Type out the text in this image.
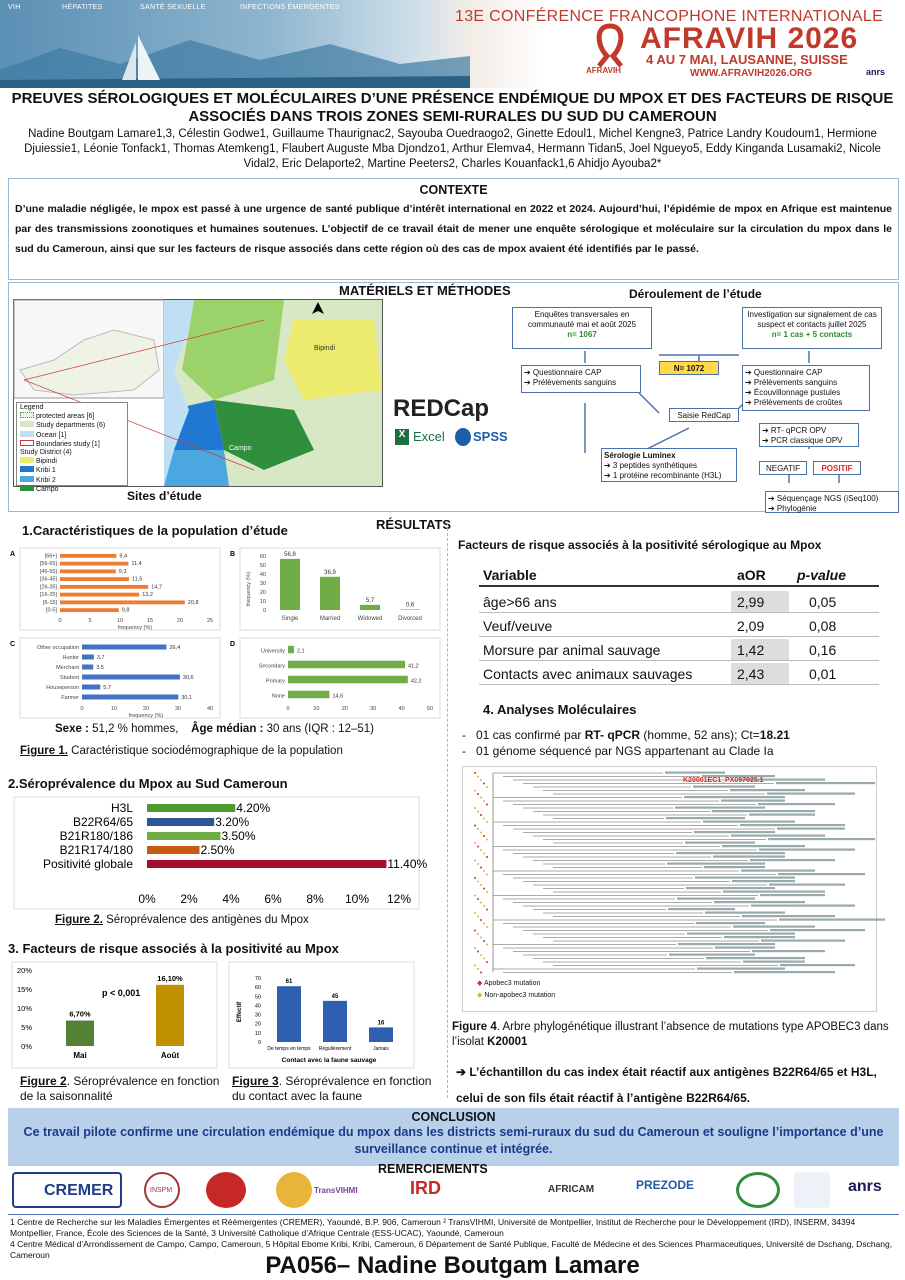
VIH	HÉPATITES	SANTÉ SEXUELLE	INFECTIONS ÉMERGENTES
13E CONFÉRENCE FRANCOPHONE INTERNATIONALE
AFRAVIH
AFRAVIH 2026
4 AU 7 MAI, LAUSANNE, SUISSE
WWW.AFRAVIH2026.ORG	anrs
PREUVES SÉROLOGIQUES ET MOLÉCULAIRES D’UNE PRÉSENCE ENDÉMIQUE DU MPOX ET DES FACTEURS DE RISQUE ASSOCIÉS DANS TROIS ZONES SEMI-RURALES DU SUD DU CAMEROUN
Nadine Boutgam Lamare1,3, Célestin Godwe1, Guillaume Thaurignac2, Sayouba Ouedraogo2, Ginette Edoul1, Michel Kengne3, Patrice Landry Koudoum1, Hermione Djuiessie1, Léonie Tonfack1, Thomas Atemkeng1, Flaubert Auguste Mba Djondzo1, Arthur Elemva4, Hermann Tidan5, Joel Ngueyo5, Eddy Kinganda Lusamaki2, Nicole Vidal2, Eric Delaporte2, Martine Peeters2, Charles Kouanfack1,6 Ahidjo Ayouba2*
CONTEXTE
D’une maladie négligée, le mpox est passé à une urgence de santé publique d’intérêt international en 2022 et 2024. Aujourd’hui, l’épidémie de mpox en Afrique est maintenue par des transmissions zoonotiques et humaines soutenues. L’objectif de ce travail était de mener une enquête sérologique et moléculaire sur la circulation du mpox dans le sud du Cameroun, ainsi que sur les facteurs de risque associés dans cette région où des cas de mpox avaient été identifiés par le passé.
MATÉRIELS ET MÉTHODES	Déroulement de l’étude
Bipindi
Campo
Legend
protected areas [6]
Study departments (6)
Ocean [1]
Boundaries study [1]
Study District (4)
Bipindi
Kribi 1
Kribi 2
Campo	Sites d’étude
REDCap
X Excel SPSS
Enquêtes transversales en communauté mai et août 2025
n= 1067
Investigation sur signalement de cas suspect et contacts juillet 2025
n= 1 cas + 5 contacts
N= 1072
➔ Questionnaire CAP
➔ Prélèvements sanguins
➔ Questionnaire CAP
➔ Prélèvements sanguins
➔ Écouvillonnage pustules
➔ Prélèvements de croûtes
Saisie RedCap
Sérologie Luminex
➔ 3 peptides synthétiques
➔ 1 protéine recombinante (H3L)
➔ RT- qPCR OPV
➔ PCR classique OPV
NEGATIF	POSITIF
➔ Séquençage NGS (iSeq100)
➔ Phylogénie
RÉSULTATS
1.Caractéristiques de la population d’étude
A	[66+]	9,4
[56-65]	11,4
[46-55]	9,3
[36-45]	11,5
[26-35]	14,7
[16-25]	13,2
[6-15]	20,8
[0-5]	9,8
0	5	10	15	20	25
frequency (%)
B
0
10
20
30
40
50
60
frequency (%)
56,8
Single
36,9
Married
5,7
Widowed
0,6
Divorced
C	Other occupation	26,4
Hunter	3,7
Merchant	3,5
Student	30,6
Houseperson	5,7
Farmer	30,1
0	10	20	30	40
frequency (%)
D
University 2,1
Secondary	41,2
Primary	42,2
None	14,6
0	10	20	30	40	50
Sexe : 51,2 % hommes, Âge médian : 30 ans (IQR : 12–51)
Figure 1. Caractéristique sociodémographique de la population
2.Séroprévalence du Mpox au Sud Cameroun
H3L	4.20%
B22R64/65	3.20%
B21R180/186	3.50%
B21R174/180	2.50%
Positivité globale	11.40%
0% 2% 4% 6% 8% 10% 12%
Figure 2. Séroprévalence des antigènes du Mpox
3. Facteurs de risque associés à la positivité au Mpox
0%
5%
10%
15%
20%
6,70%
Mai
16,10%
Août
p < 0,001
0
10
20
30
40
50
60
70
Effectif
61
De temps en temps
45
Régulièrement
16
Jamais
Contact avec la faune sauvage
Figure 2. Séroprévalence en fonction de la saisonnalité
Figure 3. Séroprévalence en fonction du contact avec la faune
Facteurs de risque associés à la positivité sérologique au Mpox
Variable	aOR p-value
âge>66 ans	2,99	0,05
Veuf/veuve	2,09	0,08
Morsure par animal sauvage	1,42	0,16
Contacts avec animaux sauvages	2,43	0,01
4. Analyses Moléculaires
-   01 cas confirmé par RT- qPCR (homme, 52 ans); Ct=18.21
-   01 génome séquencé par NGS appartenant au Clade Ia
K20001EC1_PX067025.1
◆ Apobec3 mutation
◆ Non-apobec3 mutation
Figure 4. Arbre phylogénétique illustrant l’absence de mutations type APOBEC3 dans l’isolat K20001
➔ L’échantillon du cas index était réactif aux antigènes B22R64/65 et H3L, celui de son fils était réactif à l’antigène B22R64/65.
CONCLUSION
Ce travail pilote confirme une circulation endémique du mpox dans les districts semi-ruraux du sud du Cameroun et souligne l’importance d’une surveillance continue et intégrée.
REMERCIEMENTS
CREMER	INSPM	TransVIHMI	IRD	AFRICAM	PREZODE	anrs
1 Centre de Recherche sur les Maladies Émergentes et Réémergentes (CREMER), Yaoundé, B.P. 906, Cameroun ² TransVIHMI, Université de Montpellier, Institut de Recherche pour le Développement (IRD), INSERM, 34394 Montpellier, France, École des Sciences de la Santé, 3 Université Catholique d’Afrique Centrale (ESS-UCAC), Yaoundé, Cameroun
4 Centre Médical d’Arrondissement de Campo, Campo, Cameroun, 5 Hôpital Ebome Kribi, Kribi, Cameroun, 6 Département de Santé Publique, Faculté de Médecine et des Sciences Pharmaceutiques, Université de Dschang, Dschang, Cameroun	PA056– Nadine Boutgam Lamare
